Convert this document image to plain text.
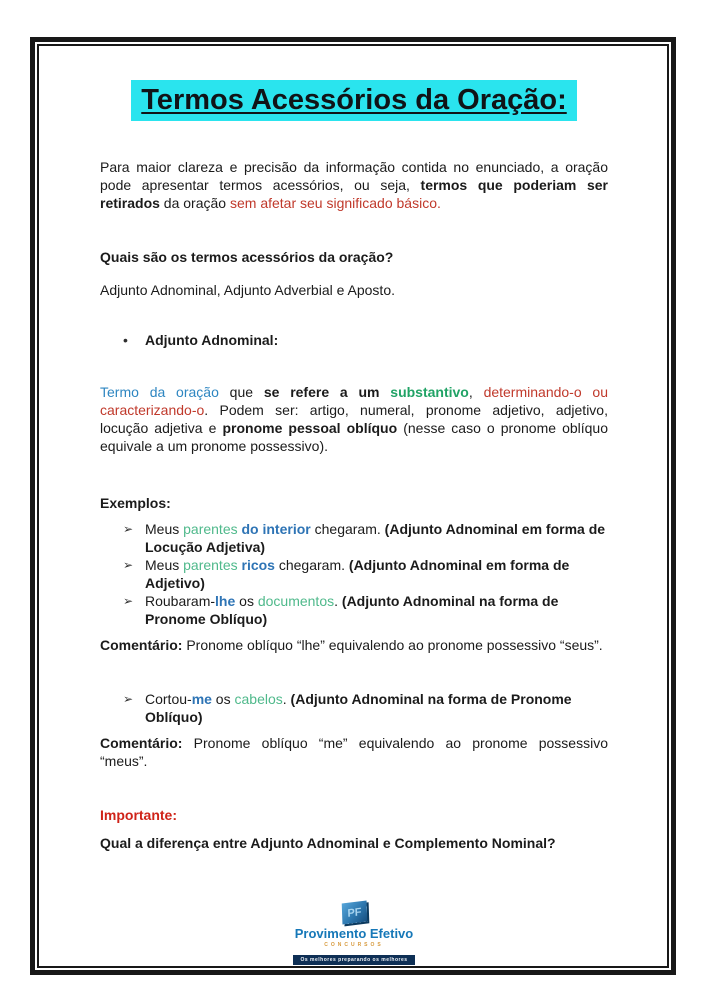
Termos Acessórios da Oração:

Para maior clareza e precisão da informação contida no enunciado, a oração pode apresentar termos acessórios, ou seja, termos que poderiam ser retirados da oração sem afetar seu significado básico.

Quais são os termos acessórios da oração?

Adjunto Adnominal, Adjunto Adverbial e Aposto.

•	Adjunto Adnominal:

Termo da oração que se refere a um substantivo, determinando-o ou caracterizando-o. Podem ser: artigo, numeral, pronome adjetivo, adjetivo, locução adjetiva e pronome pessoal oblíquo (nesse caso o pronome oblíquo equivale a um pronome possessivo).

Exemplos:

➢ Meus parentes do interior chegaram. (Adjunto Adnominal em forma de Locução Adjetiva)
➢ Meus parentes ricos chegaram. (Adjunto Adnominal em forma de Adjetivo)
➢ Roubaram-lhe os documentos. (Adjunto Adnominal na forma de Pronome Oblíquo)

Comentário: Pronome oblíquo “lhe” equivalendo ao pronome possessivo “seus”.

➢ Cortou-me os cabelos. (Adjunto Adnominal na forma de Pronome Oblíquo)

Comentário: Pronome oblíquo “me” equivalendo ao pronome possessivo “meus”.

Importante:

Qual a diferença entre Adjunto Adnominal e Complemento Nominal?

PF
Provimento Efetivo
CONCURSOS
Os melhores preparando os melhores
